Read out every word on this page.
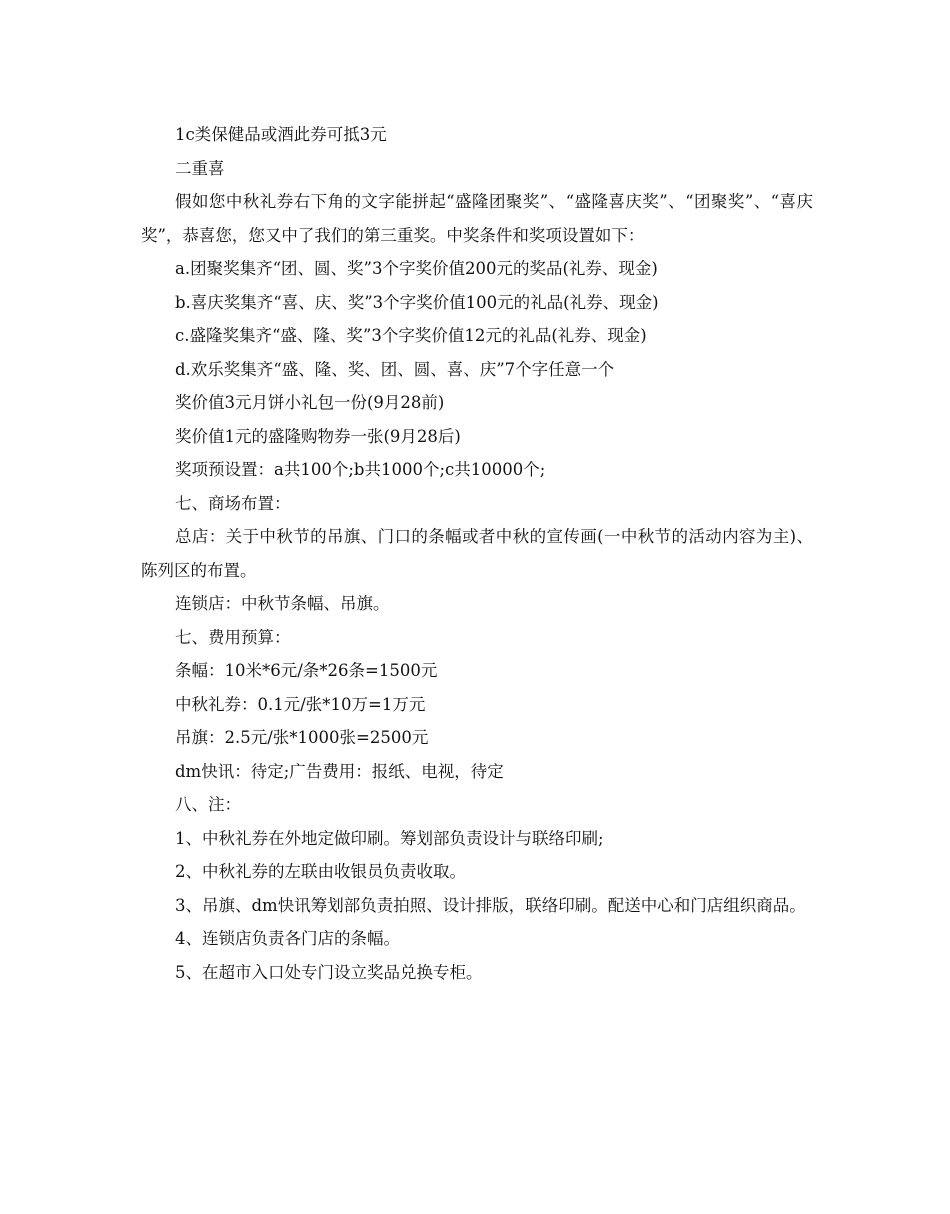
1c类保健品或酒此券可抵3元

二重喜

假如您中秋礼券右下角的文字能拼起“盛隆团聚奖”、“盛隆喜庆奖”、“团聚奖”、“喜庆奖”，恭喜您，您又中了我们的第三重奖。中奖条件和奖项设置如下：

a.团聚奖集齐“团、圆、奖”3个字奖价值200元的奖品(礼券、现金)

b.喜庆奖集齐“喜、庆、奖”3个字奖价值100元的礼品(礼券、现金)

c.盛隆奖集齐“盛、隆、奖”3个字奖价值12元的礼品(礼券、现金)

d.欢乐奖集齐“盛、隆、奖、团、圆、喜、庆”7个字任意一个

奖价值3元月饼小礼包一份(9月28前)

奖价值1元的盛隆购物券一张(9月28后)

奖项预设置：a共100个;b共1000个;c共10000个;

七、商场布置：

总店：关于中秋节的吊旗、门口的条幅或者中秋的宣传画(一中秋节的活动内容为主)、陈列区的布置。

连锁店：中秋节条幅、吊旗。

七、费用预算：

条幅：10米*6元/条*26条=1500元

中秋礼券：0.1元/张*10万=1万元

吊旗：2.5元/张*1000张=2500元

dm快讯：待定;广告费用：报纸、电视，待定

八、注：

1、中秋礼券在外地定做印刷。筹划部负责设计与联络印刷;

2、中秋礼券的左联由收银员负责收取。

3、吊旗、dm快讯筹划部负责拍照、设计排版，联络印刷。配送中心和门店组织商品。

4、连锁店负责各门店的条幅。

5、在超市入口处专门设立奖品兑换专柜。
